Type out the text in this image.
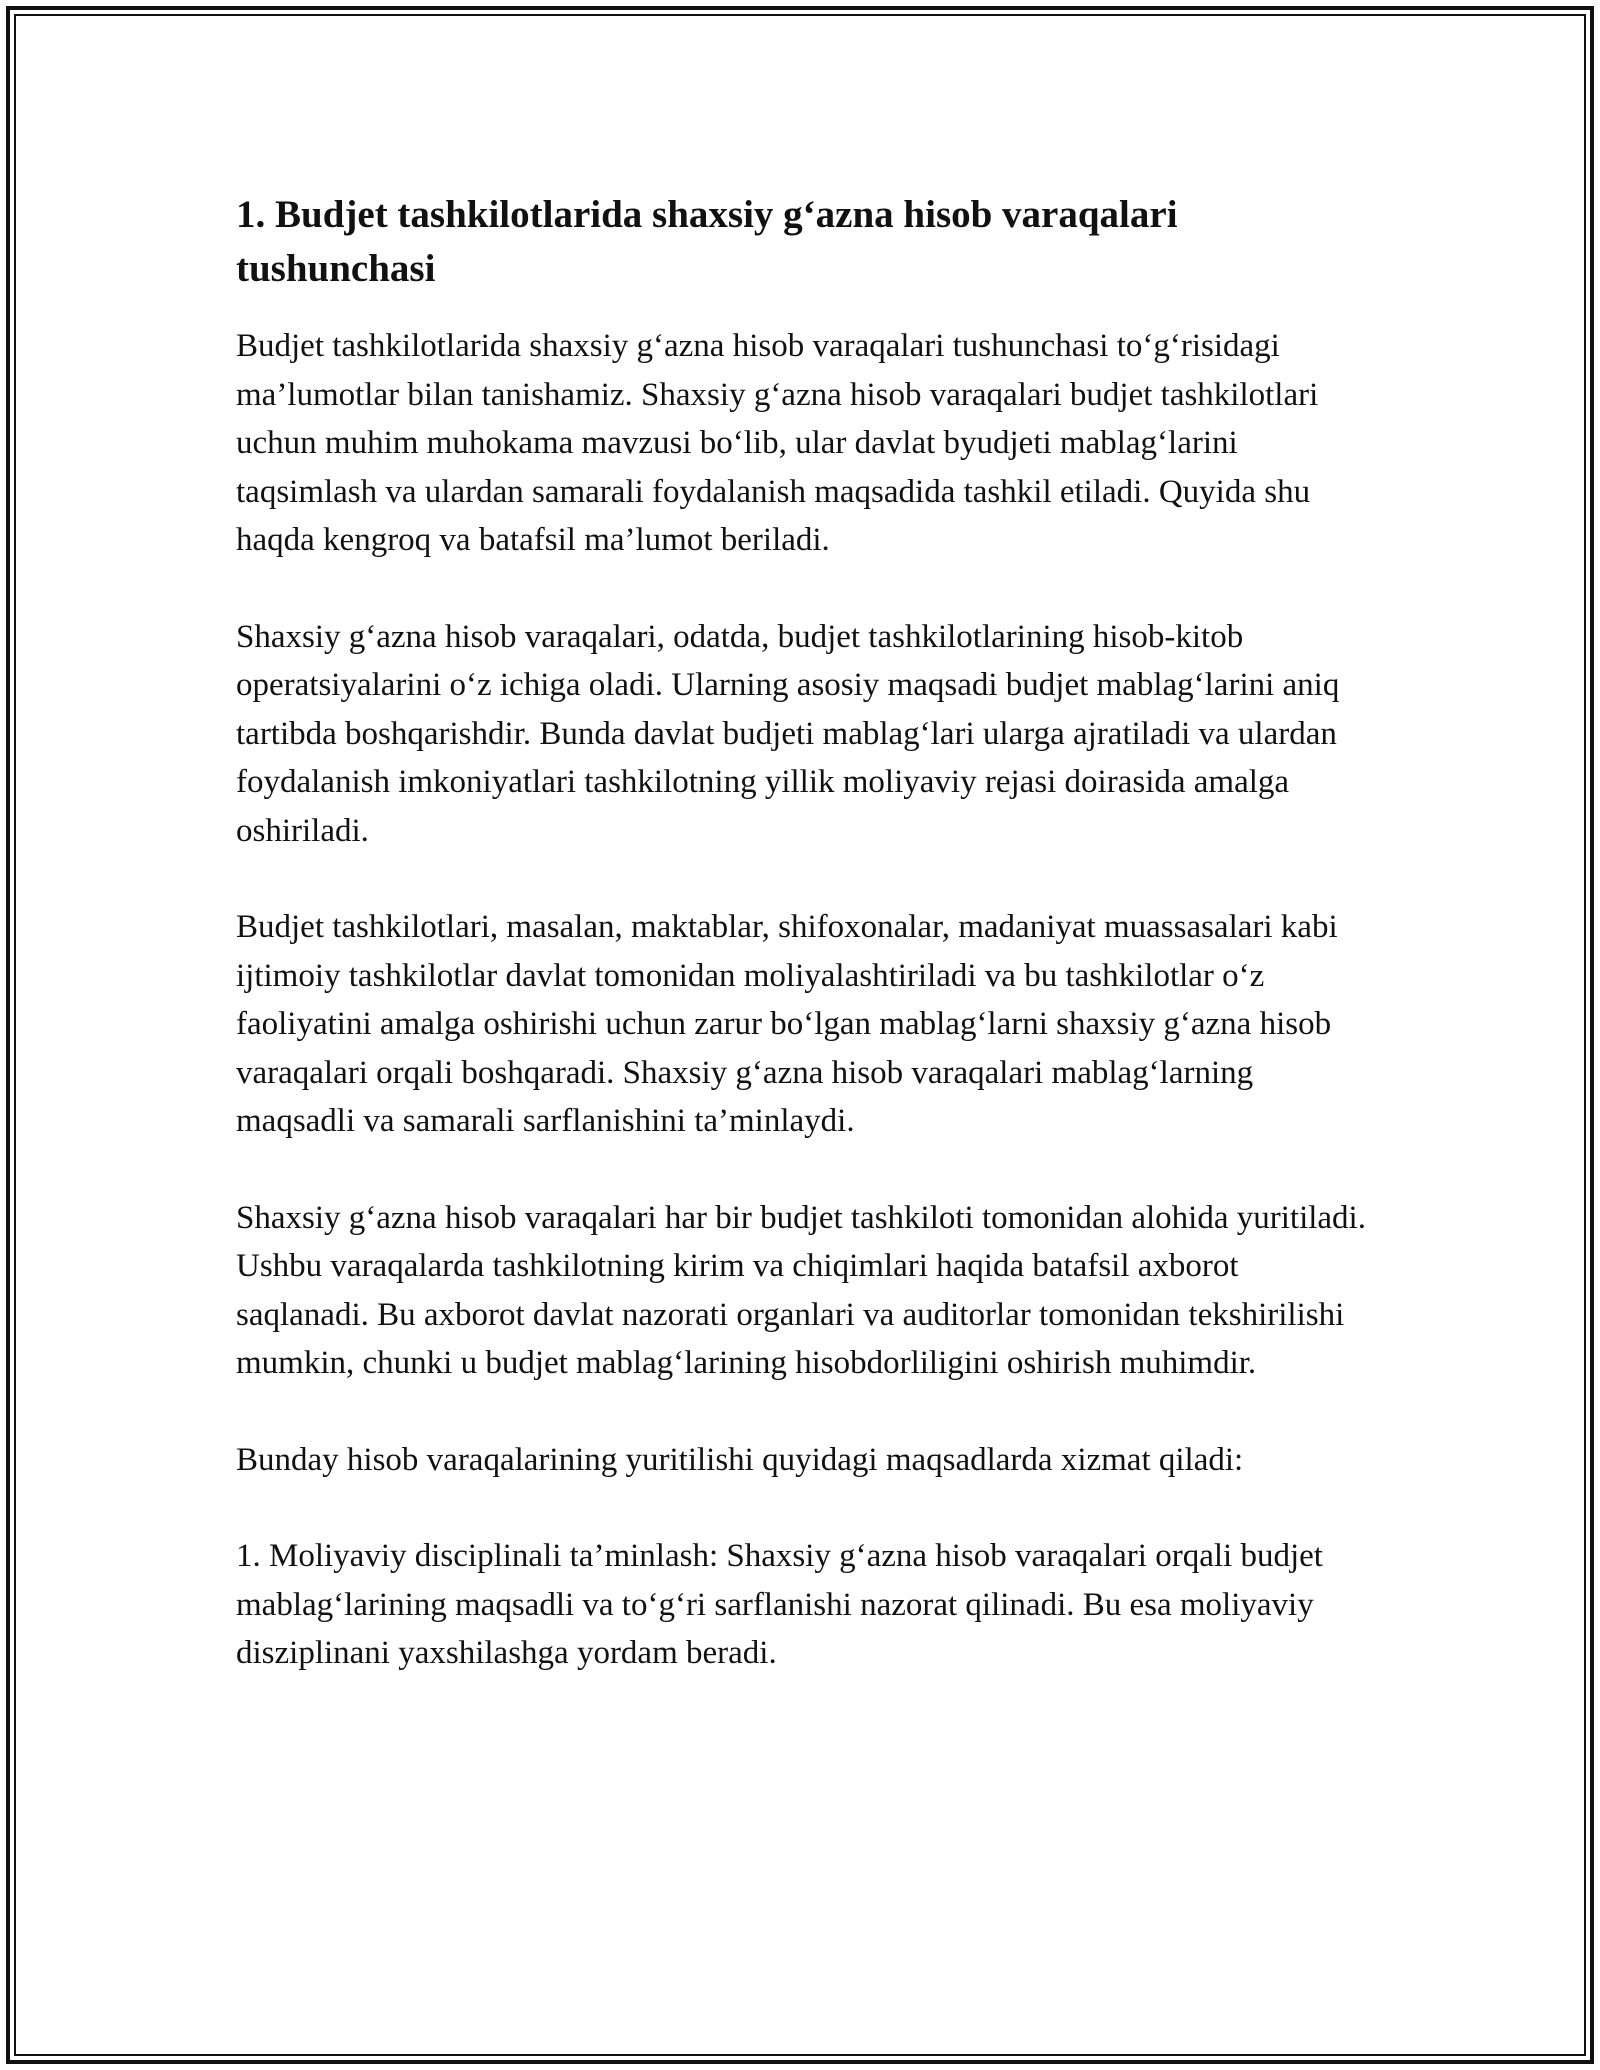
1. Budjet tashkilotlarida shaxsiy g‘azna hisob varaqalari tushunchasi

Budjet tashkilotlarida shaxsiy g‘azna hisob varaqalari tushunchasi to‘g‘risidagi ma’lumotlar bilan tanishamiz. Shaxsiy g‘azna hisob varaqalari budjet tashkilotlari uchun muhim muhokama mavzusi bo‘lib, ular davlat byudjeti mablag‘larini taqsimlash va ulardan samarali foydalanish maqsadida tashkil etiladi. Quyida shu haqda kengroq va batafsil ma’lumot beriladi.

Shaxsiy g‘azna hisob varaqalari, odatda, budjet tashkilotlarining hisob-kitob operatsiyalarini o‘z ichiga oladi. Ularning asosiy maqsadi budjet mablag‘larini aniq tartibda boshqarishdir. Bunda davlat budjeti mablag‘lari ularga ajratiladi va ulardan foydalanish imkoniyatlari tashkilotning yillik moliyaviy rejasi doirasida amalga oshiriladi.

Budjet tashkilotlari, masalan, maktablar, shifoxonalar, madaniyat muassasalari kabi ijtimoiy tashkilotlar davlat tomonidan moliyalashtiriladi va bu tashkilotlar o‘z faoliyatini amalga oshirishi uchun zarur bo‘lgan mablag‘larni shaxsiy g‘azna hisob varaqalari orqali boshqaradi. Shaxsiy g‘azna hisob varaqalari mablag‘larning maqsadli va samarali sarflanishini ta’minlaydi.

Shaxsiy g‘azna hisob varaqalari har bir budjet tashkiloti tomonidan alohida yuritiladi. Ushbu varaqalarda tashkilotning kirim va chiqimlari haqida batafsil axborot saqlanadi. Bu axborot davlat nazorati organlari va auditorlar tomonidan tekshirilishi mumkin, chunki u budjet mablag‘larining hisobdorliligini oshirish muhimdir.

Bunday hisob varaqalarining yuritilishi quyidagi maqsadlarda xizmat qiladi:

1. Moliyaviy disciplinali ta’minlash: Shaxsiy g‘azna hisob varaqalari orqali budjet mablag‘larining maqsadli va to‘g‘ri sarflanishi nazorat qilinadi. Bu esa moliyaviy disziplinani yaxshilashga yordam beradi.
